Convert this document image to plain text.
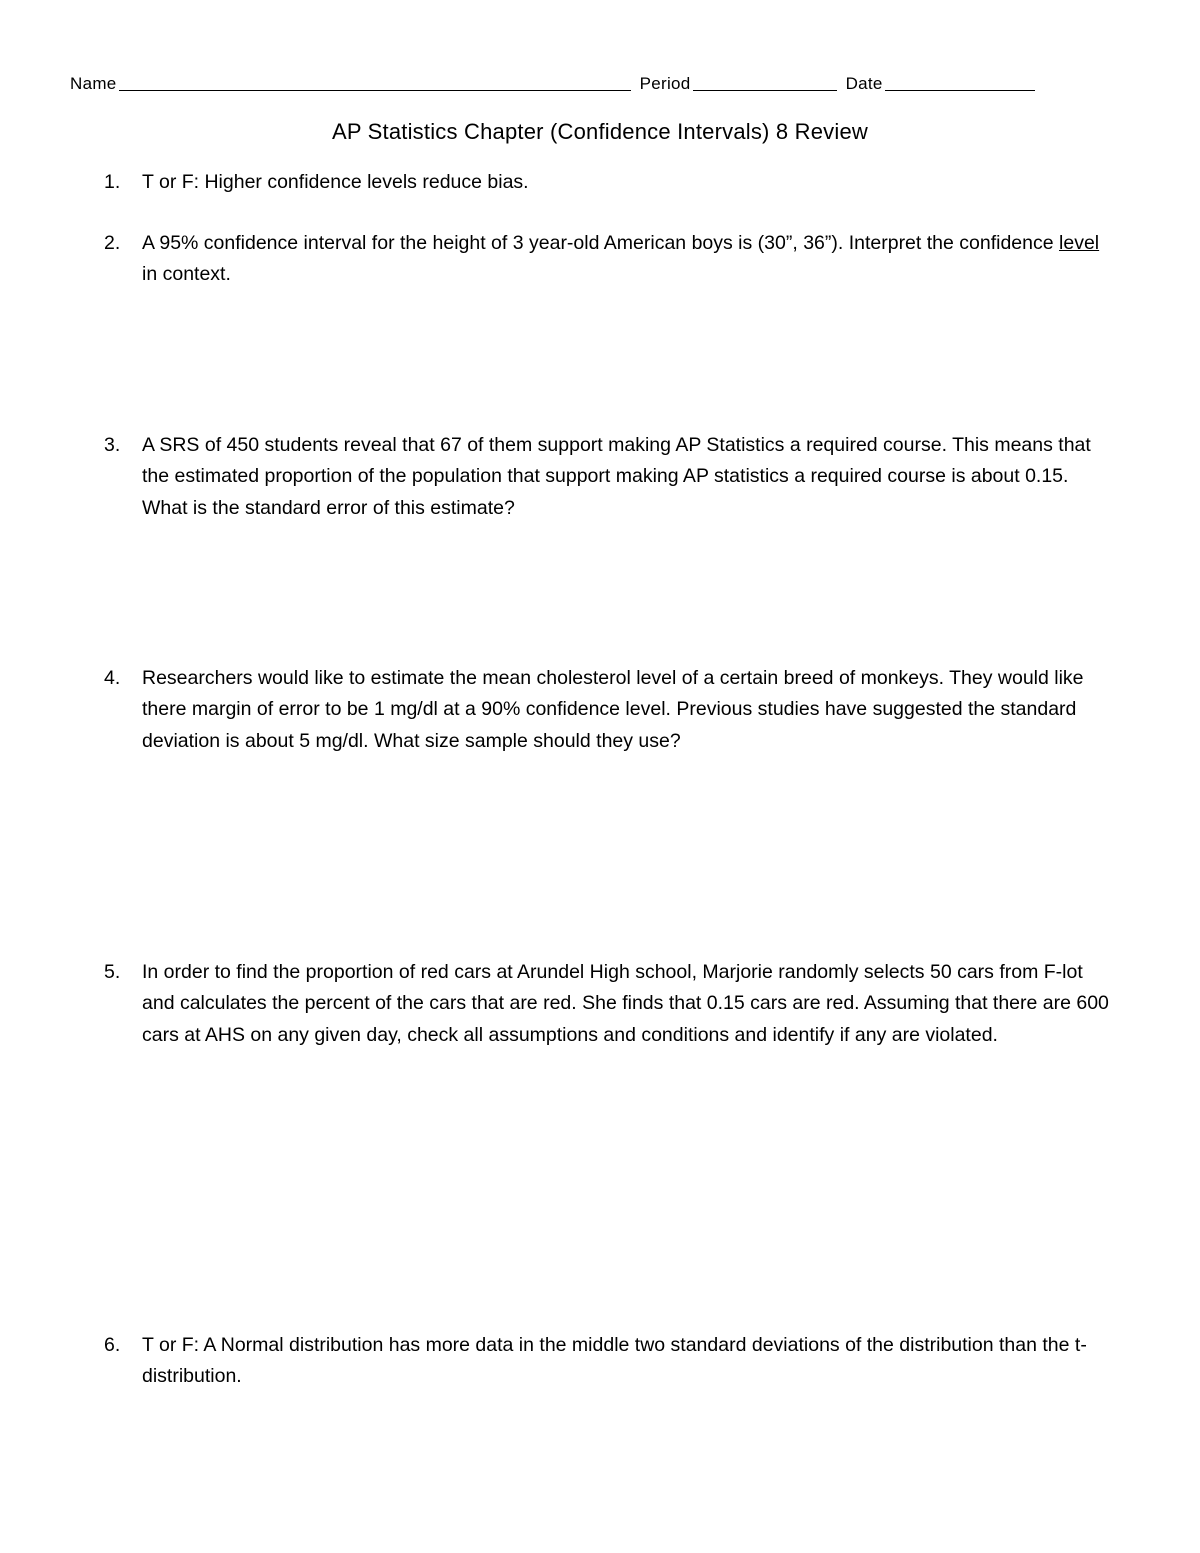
Name	Period	Date
AP Statistics Chapter (Confidence Intervals) 8 Review
1.	T or F: Higher confidence levels reduce bias.
2.	A 95% confidence interval for the height of 3 year-old American boys is (30”, 36”). Interpret the confidence level in context.
3.	A SRS of 450 students reveal that 67 of them support making AP Statistics a required course. This means that the estimated proportion of the population that support making AP statistics a required course is about 0.15. What is the standard error of this estimate?
4.	Researchers would like to estimate the mean cholesterol level of a certain breed of monkeys. They would like there margin of error to be 1 mg/dl at a 90% confidence level. Previous studies have suggested the standard deviation is about 5 mg/dl. What size sample should they use?
5.	In order to find the proportion of red cars at Arundel High school, Marjorie randomly selects 50 cars from F-lot and calculates the percent of the cars that are red. She finds that 0.15 cars are red. Assuming that there are 600 cars at AHS on any given day, check all assumptions and conditions and identify if any are violated.
6.	T or F: A Normal distribution has more data in the middle two standard deviations of the distribution than the t-distribution.
